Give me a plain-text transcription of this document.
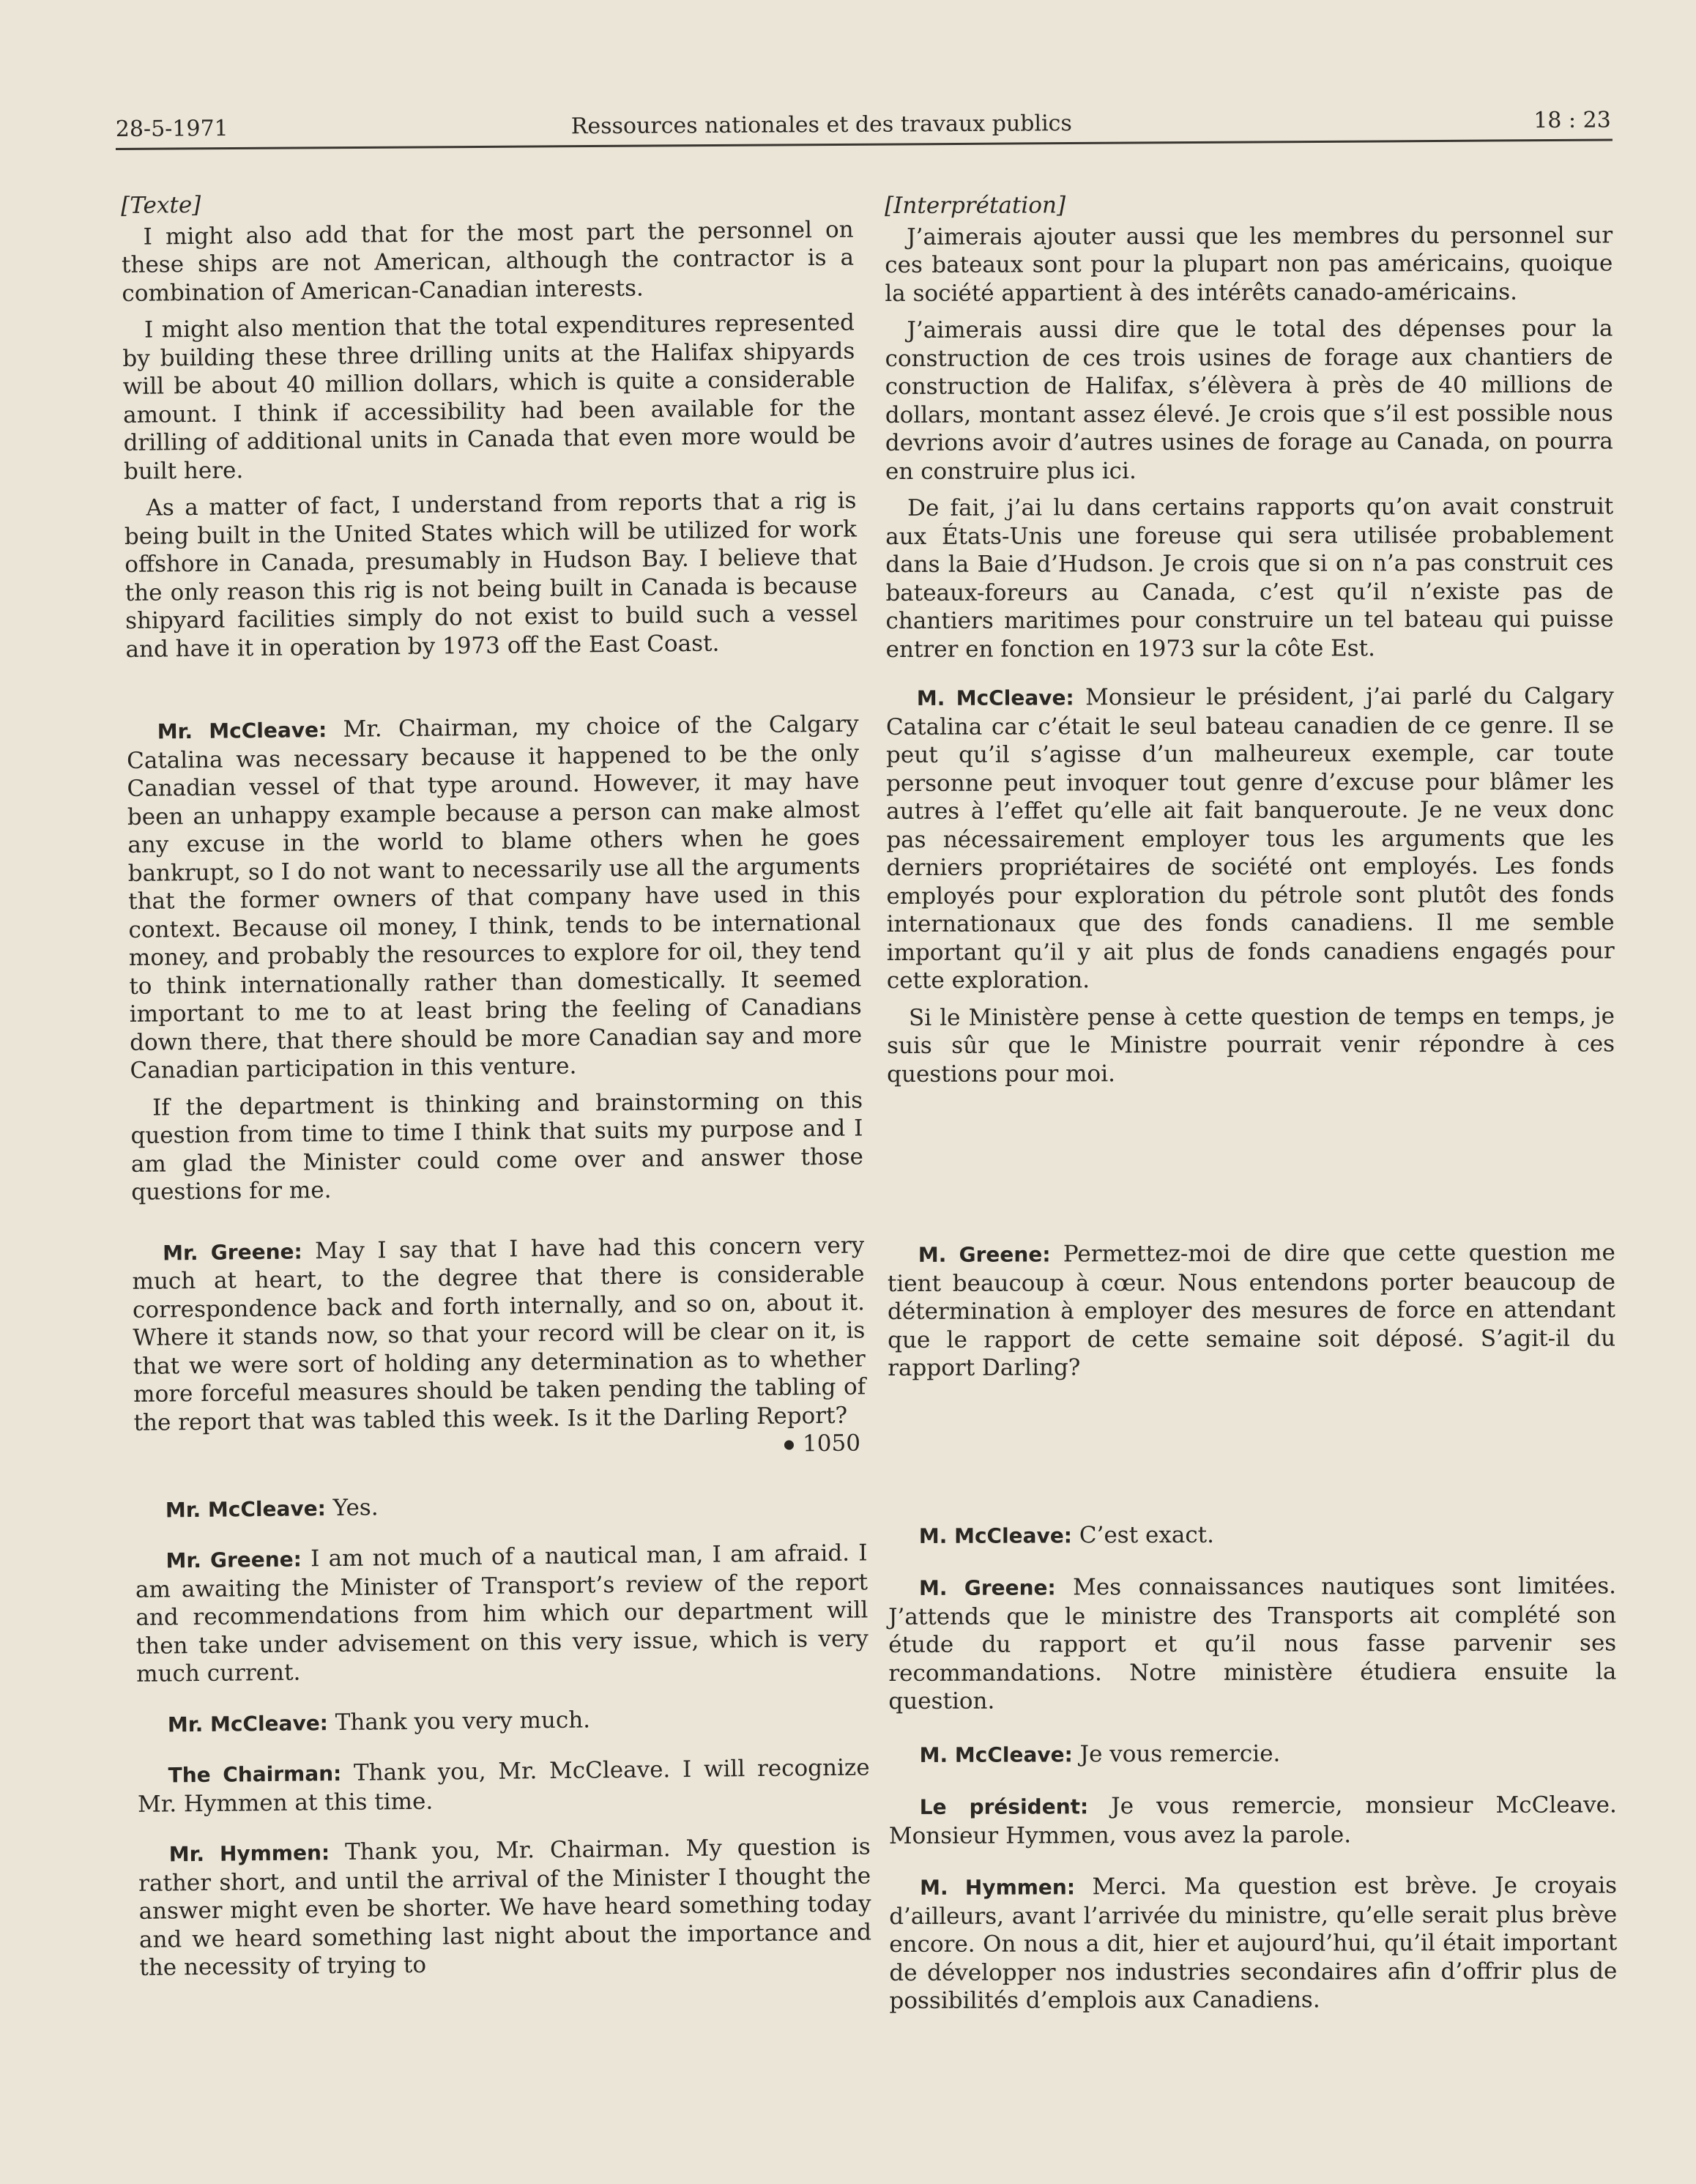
28-5-1971	Ressources nationales et des travaux publics	18 : 23

[Texte]

I might also add that for the most part the personnel on these ships are not American, although the contractor is a combination of American-Canadian interests.

I might also mention that the total expenditures represented by building these three drilling units at the Halifax shipyards will be about 40 million dollars, which is quite a considerable amount. I think if accessibility had been available for the drilling of additional units in Canada that even more would be built here.

As a matter of fact, I understand from reports that a rig is being built in the United States which will be utilized for work offshore in Canada, presumably in Hudson Bay. I believe that the only reason this rig is not being built in Canada is because shipyard facilities simply do not exist to build such a vessel and have it in operation by 1973 off the East Coast.

Mr. McCleave: Mr. Chairman, my choice of the Calgary Catalina was necessary because it happened to be the only Canadian vessel of that type around. However, it may have been an unhappy example because a person can make almost any excuse in the world to blame others when he goes bankrupt, so I do not want to necessarily use all the arguments that the former owners of that company have used in this context. Because oil money, I think, tends to be international money, and probably the resources to explore for oil, they tend to think internationally rather than domestically. It seemed important to me to at least bring the feeling of Canadians down there, that there should be more Canadian say and more Canadian participation in this venture.

If the department is thinking and brainstorming on this question from time to time I think that suits my purpose and I am glad the Minister could come over and answer those questions for me.

Mr. Greene: May I say that I have had this concern very much at heart, to the degree that there is considerable correspondence back and forth internally, and so on, about it. Where it stands now, so that your record will be clear on it, is that we were sort of holding any determination as to whether more forceful measures should be taken pending the tabling of the report that was tabled this week. Is it the Darling Report?

1050

Mr. McCleave: Yes.

Mr. Greene: I am not much of a nautical man, I am afraid. I am awaiting the Minister of Transport’s review of the report and recommendations from him which our department will then take under advisement on this very issue, which is very much current.

Mr. McCleave: Thank you very much.

The Chairman: Thank you, Mr. McCleave. I will recognize Mr. Hymmen at this time.

Mr. Hymmen: Thank you, Mr. Chairman. My question is rather short, and until the arrival of the Minister I thought the answer might even be shorter. We have heard something today and we heard something last night about the importance and the necessity of trying to

[Interprétation]

J’aimerais ajouter aussi que les membres du personnel sur ces bateaux sont pour la plupart non pas américains, quoique la société appartient à des intérêts canado-américains.

J’aimerais aussi dire que le total des dépenses pour la construction de ces trois usines de forage aux chantiers de construction de Halifax, s’élèvera à près de 40 millions de dollars, montant assez élevé. Je crois que s’il est possible nous devrions avoir d’autres usines de forage au Canada, on pourra en construire plus ici.

De fait, j’ai lu dans certains rapports qu’on avait construit aux États-Unis une foreuse qui sera utilisée probablement dans la Baie d’Hudson. Je crois que si on n’a pas construit ces bateaux-foreurs au Canada, c’est qu’il n’existe pas de chantiers maritimes pour construire un tel bateau qui puisse entrer en fonction en 1973 sur la côte Est.

M. McCleave: Monsieur le président, j’ai parlé du Calgary Catalina car c’était le seul bateau canadien de ce genre. Il se peut qu’il s’agisse d’un malheureux exemple, car toute personne peut invoquer tout genre d’excuse pour blâmer les autres à l’effet qu’elle ait fait banqueroute. Je ne veux donc pas nécessairement employer tous les arguments que les derniers propriétaires de société ont employés. Les fonds employés pour exploration du pétrole sont plutôt des fonds internationaux que des fonds canadiens. Il me semble important qu’il y ait plus de fonds canadiens engagés pour cette exploration.

Si le Ministère pense à cette question de temps en temps, je suis sûr que le Ministre pourrait venir répondre à ces questions pour moi.

M. Greene: Permettez-moi de dire que cette question me tient beaucoup à cœur. Nous entendons porter beaucoup de détermination à employer des mesures de force en attendant que le rapport de cette semaine soit déposé. S’agit-il du rapport Darling?

M. McCleave: C’est exact.

M. Greene: Mes connaissances nautiques sont limitées. J’attends que le ministre des Transports ait complété son étude du rapport et qu’il nous fasse parvenir ses recommandations. Notre ministère étudiera ensuite la question.

M. McCleave: Je vous remercie.

Le président: Je vous remercie, monsieur McCleave. Monsieur Hymmen, vous avez la parole.

M. Hymmen: Merci. Ma question est brève. Je croyais d’ailleurs, avant l’arrivée du ministre, qu’elle serait plus brève encore. On nous a dit, hier et aujourd’hui, qu’il était important de développer nos industries secondaires afin d’offrir plus de possibilités d’emplois aux Canadiens.
